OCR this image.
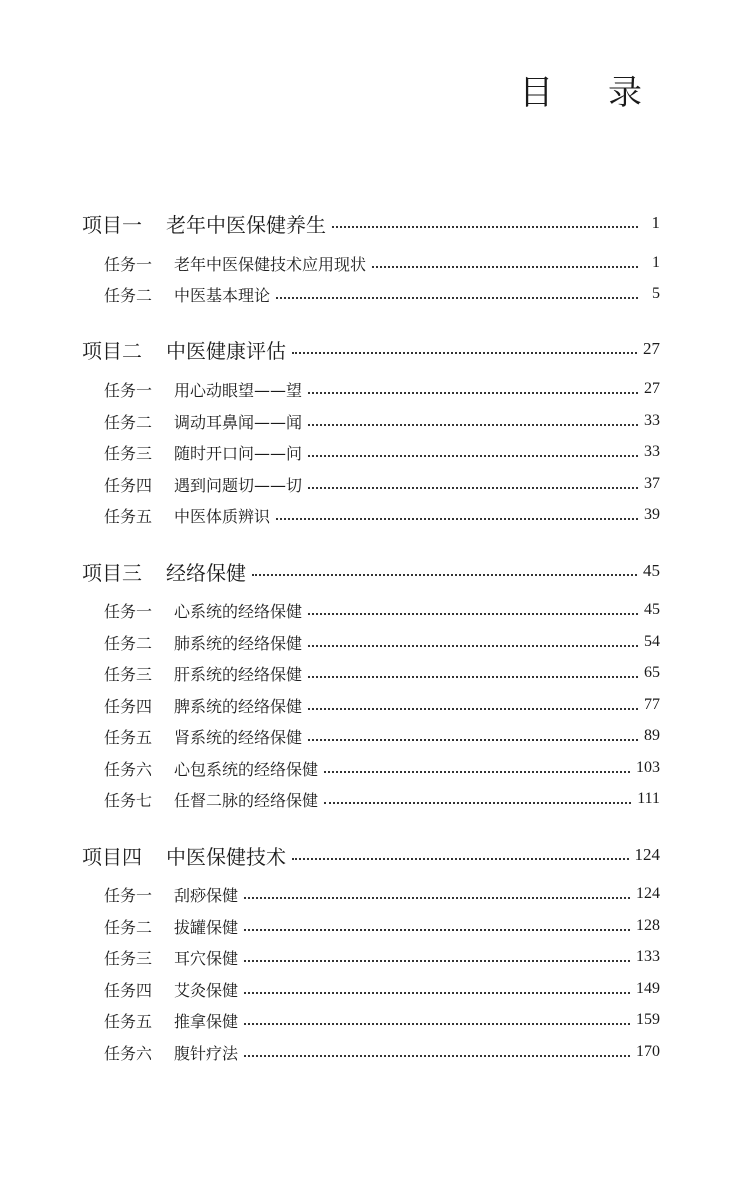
目 录
项目一	老年中医保健养生	1
任务一	老年中医保健技术应用现状	1
任务二	中医基本理论	5
项目二	中医健康评估	27
任务一	用心动眼望——望	27
任务二	调动耳鼻闻——闻	33
任务三	随时开口问——问	33
任务四	遇到问题切——切	37
任务五	中医体质辨识	39
项目三	经络保健	45
任务一	心系统的经络保健	45
任务二	肺系统的经络保健	54
任务三	肝系统的经络保健	65
任务四	脾系统的经络保健	77
任务五	肾系统的经络保健	89
任务六	心包系统的经络保健	103
任务七	任督二脉的经络保健	111
项目四	中医保健技术	124
任务一	刮痧保健	124
任务二	拔罐保健	128
任务三	耳穴保健	133
任务四	艾灸保健	149
任务五	推拿保健	159
任务六	腹针疗法	170
